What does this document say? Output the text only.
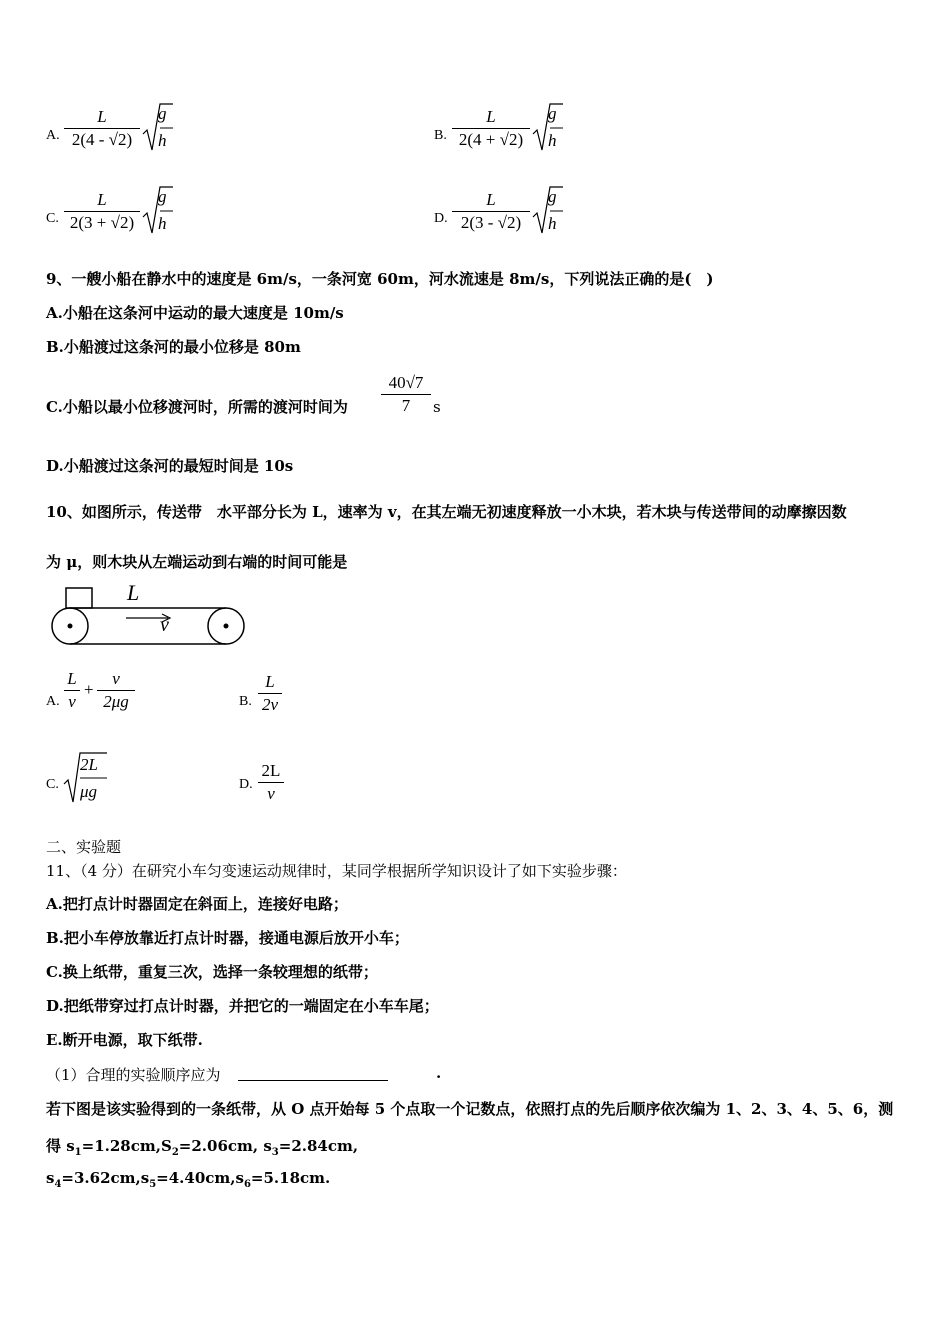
A.
L
2(4 - √2)
g
h	B.
L
2(4 + √2)
g
h
C.
L
2(3 + √2)
g
h	D.
L
2(3 - √2)
g
h
9、一艘小船在静水中的速度是 6m/s，一条河宽 60m，河水流速是 8m/s，下列说法正确的是(　)
A.小船在这条河中运动的最大速度是 10m/s
B.小船渡过这条河的最小位移是 80m
C.小船以最小位移渡河时，所需的渡河时间为
40√7
7	s
D.小船渡过这条河的最短时间是 10s
10、如图所示，传送带　水平部分长为 L，速率为 v，在其左端无初速度释放一小木块，若木块与传送带间的动摩擦因数
为 μ，则木块从左端运动到右端的时间可能是
L
v
A.
L
v
+
v
2μg	B.
L
2v
C.
2L
μg	D.
2L
v
二、实验题
11、（4 分）在研究小车匀变速运动规律时，某同学根据所学知识设计了如下实验步骤：
A.把打点计时器固定在斜面上，连接好电路；
B.把小车停放靠近打点计时器，接通电源后放开小车；
C.换上纸带，重复三次，选择一条较理想的纸带；
D.把纸带穿过打点计时器，并把它的一端固定在小车车尾；
E.断开电源，取下纸带.
（1）合理的实验顺序应为	.
若下图是该实验得到的一条纸带，从 O 点开始每 5 个点取一个记数点，依照打点的先后顺序依次编为 1、2、3、4、5、6，测
得 $s_1=1.28cm,S_2=2.06cm$, $s_3=2.84cm$,
$s_4=3.62cm,s_5=4.40cm,s_6=5.18cm$.
